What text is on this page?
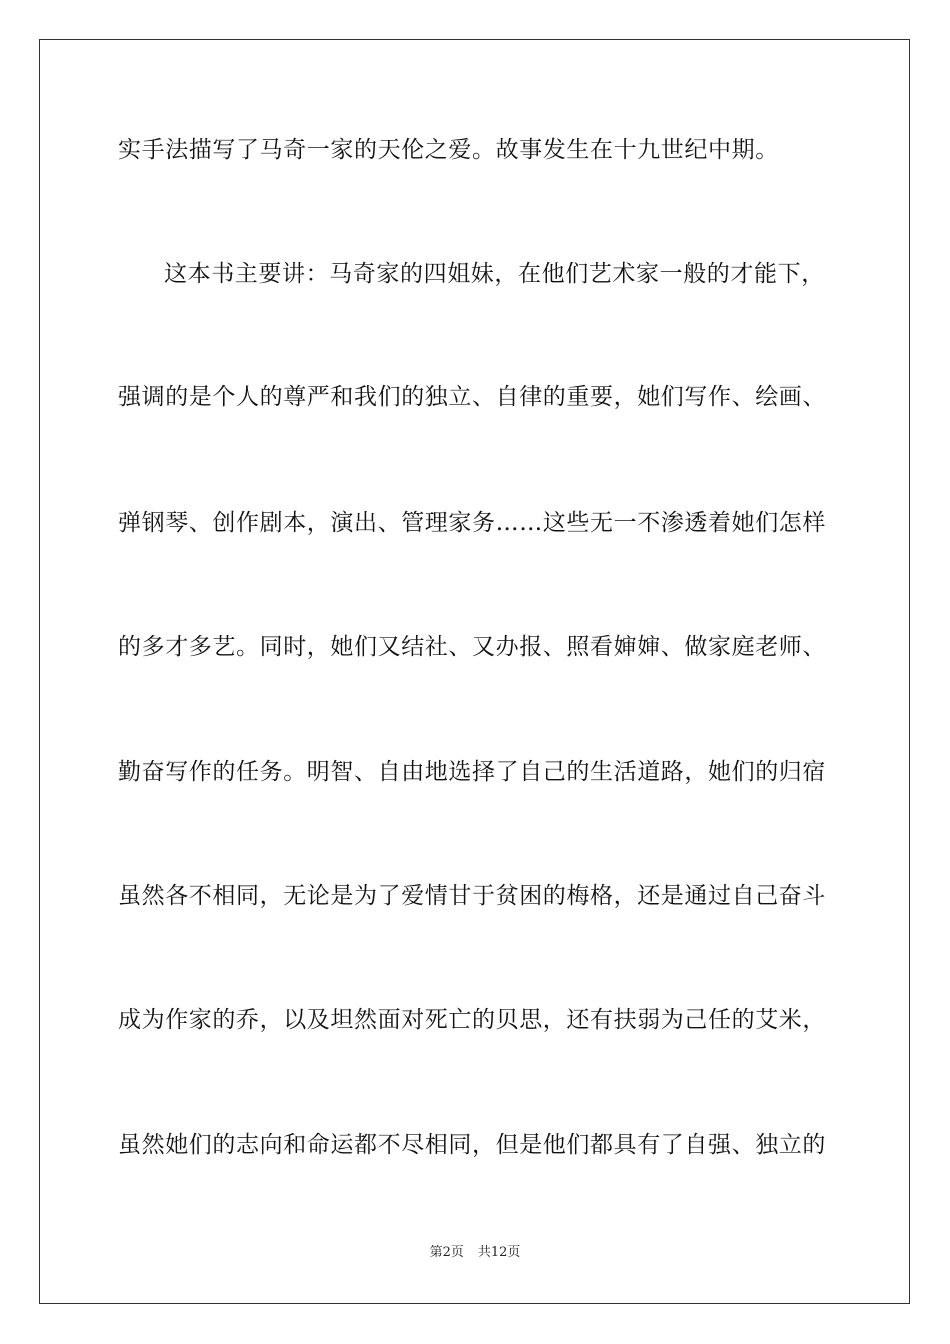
实手法描写了马奇一家的天伦之爱。故事发生在十九世纪中期。
这本书主要讲：马奇家的四姐妹，在他们艺术家一般的才能下，
强调的是个人的尊严和我们的独立、自律的重要，她们写作、绘画、
弹钢琴、创作剧本，演出、管理家务……这些无一不渗透着她们怎样
的多才多艺。同时，她们又结社、又办报、照看婶婶、做家庭老师、
勤奋写作的任务。明智、自由地选择了自己的生活道路，她们的归宿
虽然各不相同，无论是为了爱情甘于贫困的梅格，还是通过自己奋斗
成为作家的乔，以及坦然面对死亡的贝思，还有扶弱为己任的艾米，
虽然她们的志向和命运都不尽相同，但是他们都具有了自强、独立的
第2页 共12页
